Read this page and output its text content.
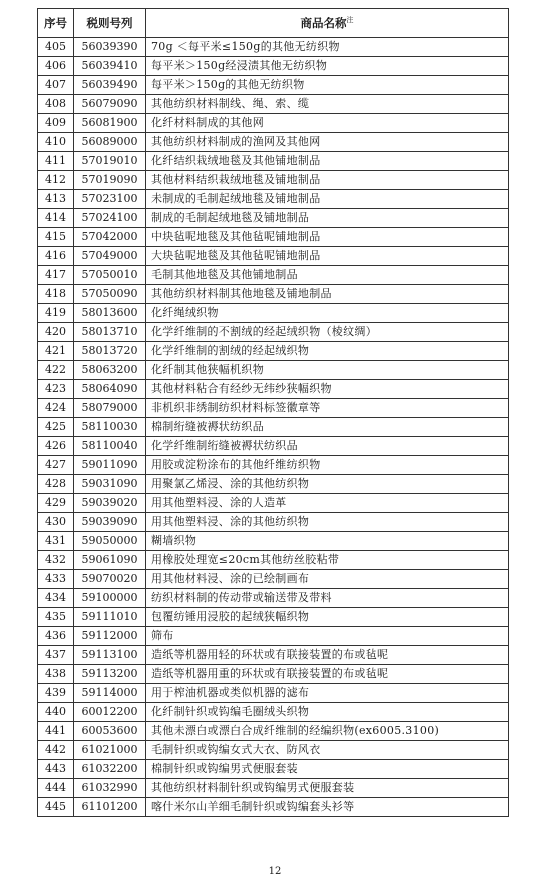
序号	税则号列	商品名称$^注$
405	56039390	70g ＜每平米≤150g的其他无纺织物
406	56039410	每平米＞150g经浸渍其他无纺织物
407	56039490	每平米＞150g的其他无纺织物
408	56079090	其他纺织材料制线、绳、索、缆
409	56081900	化纤材料制成的其他网
410	56089000	其他纺织材料制成的渔网及其他网
411	57019010	化纤结织栽绒地毯及其他铺地制品
412	57019090	其他材料结织栽绒地毯及铺地制品
413	57023100	未制成的毛制起绒地毯及铺地制品
414	57024100	制成的毛制起绒地毯及铺地制品
415	57042000	中块毡呢地毯及其他毡呢铺地制品
416	57049000	大块毡呢地毯及其他毡呢铺地制品
417	57050010	毛制其他地毯及其他铺地制品
418	57050090	其他纺织材料制其他地毯及铺地制品
419	58013600	化纤绳绒织物
420	58013710	化学纤维制的不割绒的经起绒织物（棱纹绸）
421	58013720	化学纤维制的割绒的经起绒织物
422	58063200	化纤制其他狭幅机织物
423	58064090	其他材料粘合有经纱无纬纱狭幅织物
424	58079000	非机织非绣制纺织材料标签徽章等
425	58110030	棉制绗缝被褥状纺织品
426	58110040	化学纤维制绗缝被褥状纺织品
427	59011090	用胶或淀粉涂布的其他纤维纺织物
428	59031090	用聚氯乙烯浸、涂的其他纺织物
429	59039020	用其他塑料浸、涂的人造革
430	59039090	用其他塑料浸、涂的其他纺织物
431	59050000	糊墙织物
432	59061090	用橡胶处理宽≤20cm其他纺丝胶粘带
433	59070020	用其他材料浸、涂的已绘制画布
434	59100000	纺织材料制的传动带或输送带及带料
435	59111010	包覆纺锤用浸胶的起绒狭幅织物
436	59112000	筛布
437	59113100	造纸等机器用轻的环状或有联接装置的布或毡呢
438	59113200	造纸等机器用重的环状或有联接装置的布或毡呢
439	59114000	用于榨油机器或类似机器的滤布
440	60012200	化纤制针织或钩编毛圈绒头织物
441	60053600	其他未漂白或漂白合成纤维制的经编织物(ex6005.3100)
442	61021000	毛制针织或钩编女式大衣、防风衣
443	61032200	棉制针织或钩编男式便服套装
444	61032990	其他纺织材料制针织或钩编男式便服套装
445	61101200	喀什米尔山羊细毛制针织或钩编套头衫等
12
